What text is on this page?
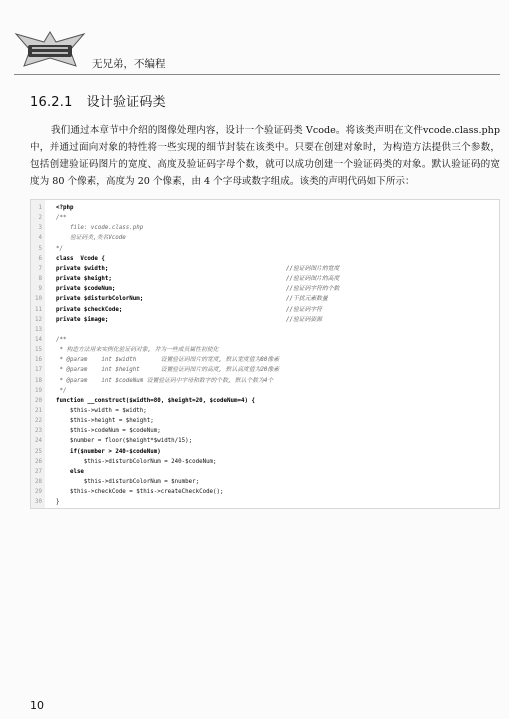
无兄弟，不编程
16.2.1 设计验证码类
我们通过本章节中介绍的图像处理内容，设计一个验证码类 Vcode。将该类声明在文件vcode.class.php 中，并通过面向对象的特性将一些实现的细节封装在该类中。只要在创建对象时，为构造方法提供三个参数，包括创建验证码图片的宽度、高度及验证码字母个数，就可以成功创建一个验证码类的对象。默认验证码的宽度为 80 个像素，高度为 20 个像素，由 4 个字母或数字组成。该类的声明代码如下所示：
1 <?php
2 /**
3 file: vcode.class.php
4 验证码类,类名Vcode
5 */
6 class  Vcode {
7 private $width;	//验证码图片的宽度
8 private $height;	//验证码图片的高度
9 private $codeNum;	//验证码字符的个数
10 private $disturbColorNum;	//干扰元素数量
11 private $checkCode;	//验证码字符
12 private $image;	//验证码资源
13
14 /**
15 * 构造方法用来实例化验证码对象, 并为一些成员属性初使化
16 * @param    int $width       设置验证码图片的宽度, 默认宽度值为80像素
17 * @param    int $height      设置验证码图片的高度, 默认高度值为20像素
18 * @param    int $codeNum 设置验证码中字母和数字的个数, 默认个数为4个
19 */
20 function __construct($width=80, $height=20, $codeNum=4) {
21 $this->width = $width;
22 $this->height = $height;
23 $this->codeNum = $codeNum;
24 $number = floor($height*$width/15);
25 if($number > 240-$codeNum)
26 $this->disturbColorNum = 240-$codeNum;
27 else
28 $this->disturbColorNum = $number;
29 $this->checkCode = $this->createCheckCode();
30 }
10
